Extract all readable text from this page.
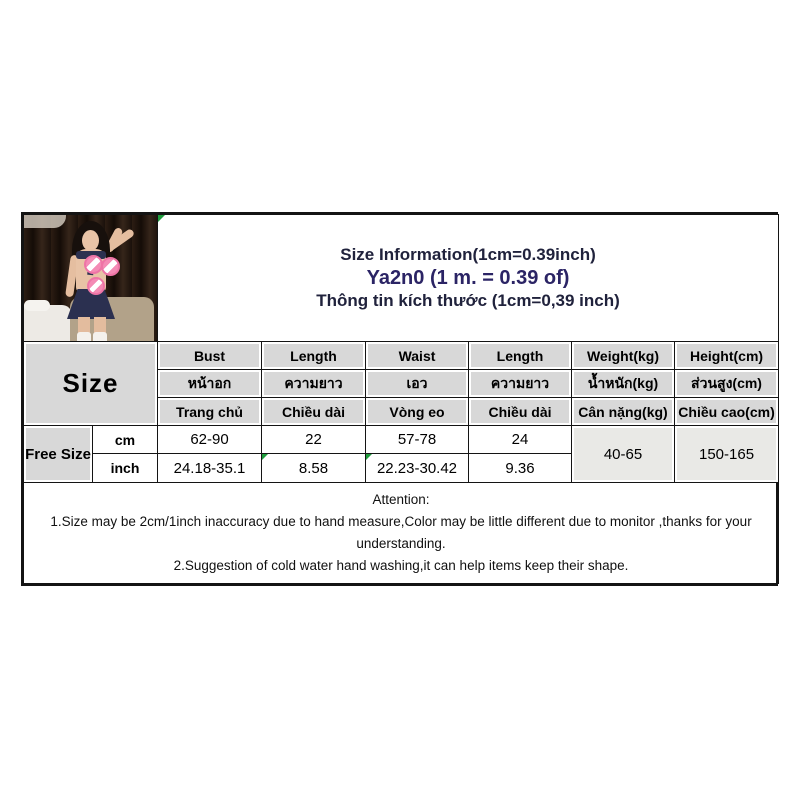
		Size Information(1cm=0.39inch)
Ya2n0 (1 m. = 0.39 of)
Thông tin kích thước (1cm=0,39 inch)					

Size		Bust	Length	Waist	Length	Weight(kg)	Height(cm)
		หน้าอก	ความยาว	เอว	ความยาว	น้ำหนัก(kg)	ส่วนสูง(cm)
		Trang chủ	Chiều dài	Vòng eo	Chiều dài	Cân nặng(kg)	Chiều cao(cm)
Free Size	cm	62-90	22	57-78	24	40-65	150-165
	inch	24.18-35.1	8.58	22.23-30.42	9.36		

Attention:
1.Size may be 2cm/1inch inaccuracy due to hand measure,Color may be little different due to monitor ,thanks for your understanding.
2.Suggestion of cold water hand washing,it can help items keep their shape.							
